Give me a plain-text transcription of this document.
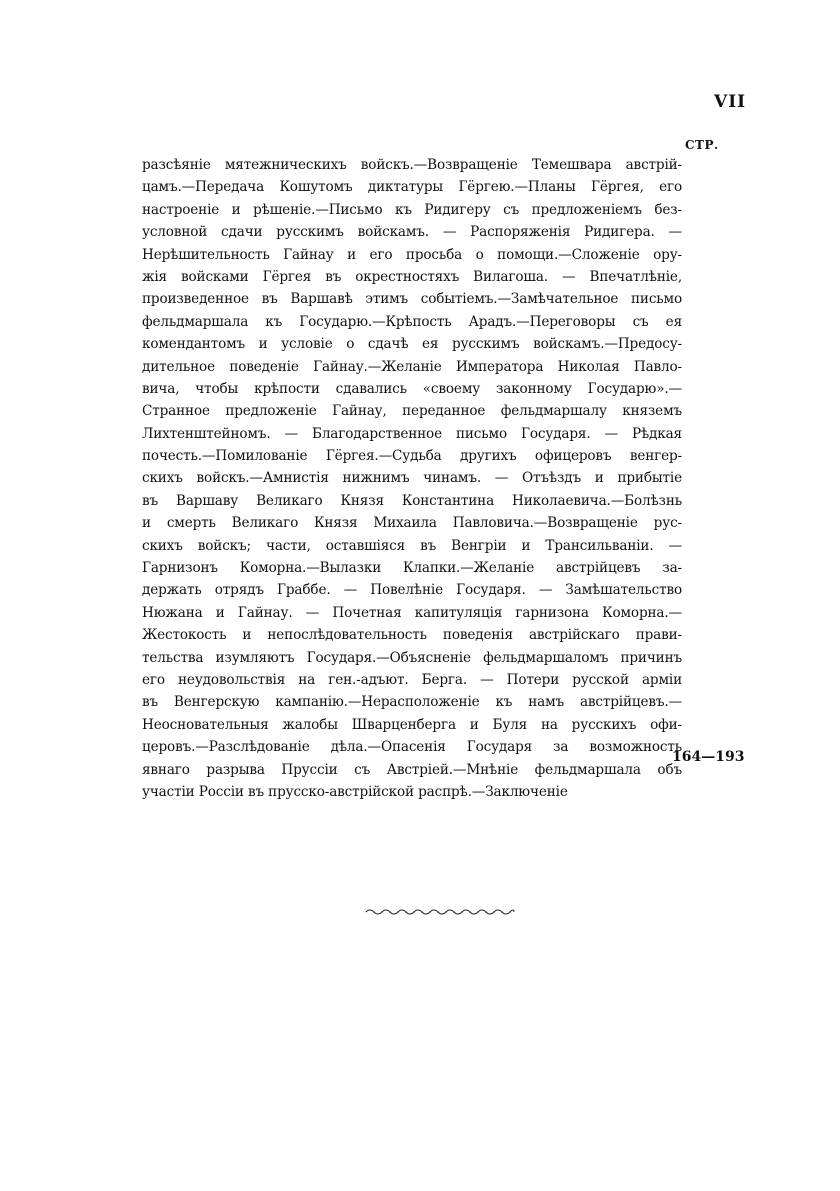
VII
СТР.
разсѣяніе мятежническихъ войскъ.—Возвращеніе Темешвара австрій-
цамъ.—Передача Кошутомъ диктатуры Гёргею.—Планы Гёргея, его
настроеніе и рѣшеніе.—Письмо къ Ридигеру съ предложеніемъ без-
условной сдачи русскимъ войскамъ. — Распоряженія Ридигера. —
Нерѣшительность Гайнау и его просьба о помощи.—Сложеніе ору-
жія войсками Гёргея въ окрестностяхъ Вилагоша. — Впечатлѣніе,
произведенное въ Варшавѣ этимъ событіемъ.—Замѣчательное письмо
фельдмаршала къ Государю.—Крѣпость Арадъ.—Переговоры съ ея
комендантомъ и условіе о сдачѣ ея русскимъ войскамъ.—Предосу-
дительное поведеніе Гайнау.—Желаніе Императора Николая Павло-
вича, чтобы крѣпости сдавались «своему законному Государю».—
Странное предложеніе Гайнау, переданное фельдмаршалу княземъ
Лихтенштейномъ. — Благодарственное письмо Государя. — Рѣдкая
почесть.—Помилованіе Гёргея.—Судьба другихъ офицеровъ венгер-
скихъ войскъ.—Амнистія нижнимъ чинамъ. — Отъѣздъ и прибытіе
въ Варшаву Великаго Князя Константина Николаевича.—Болѣзнь
и смерть Великаго Князя Михаила Павловича.—Возвращеніе рус-
скихъ войскъ; части, оставшіяся въ Венгріи и Трансильваніи. —
Гарнизонъ Коморна.—Вылазки Клапки.—Желаніе австрійцевъ за-
держать отрядъ Граббе. — Повелѣніе Государя. — Замѣшательство
Нюжана и Гайнау. — Почетная капитуляція гарнизона Коморна.—
Жестокость и непослѣдовательность поведенія австрійскаго прави-
тельства изумляютъ Государя.—Объясненіе фельдмаршаломъ причинъ
его неудовольствія на ген.-адъют. Берга. — Потери русской арміи
въ Венгерскую кампанію.—Нерасположеніе къ намъ австрійцевъ.—
Неосновательныя жалобы Шварценберга и Буля на русскихъ офи-
церовъ.—Разслѣдованіе дѣла.—Опасенія Государя за возможность
явнаго разрыва Пруссіи съ Австріей.—Мнѣніе фельдмаршала объ
участіи Россіи въ прусско-австрійской распрѣ.—Заключеніе
164—193
